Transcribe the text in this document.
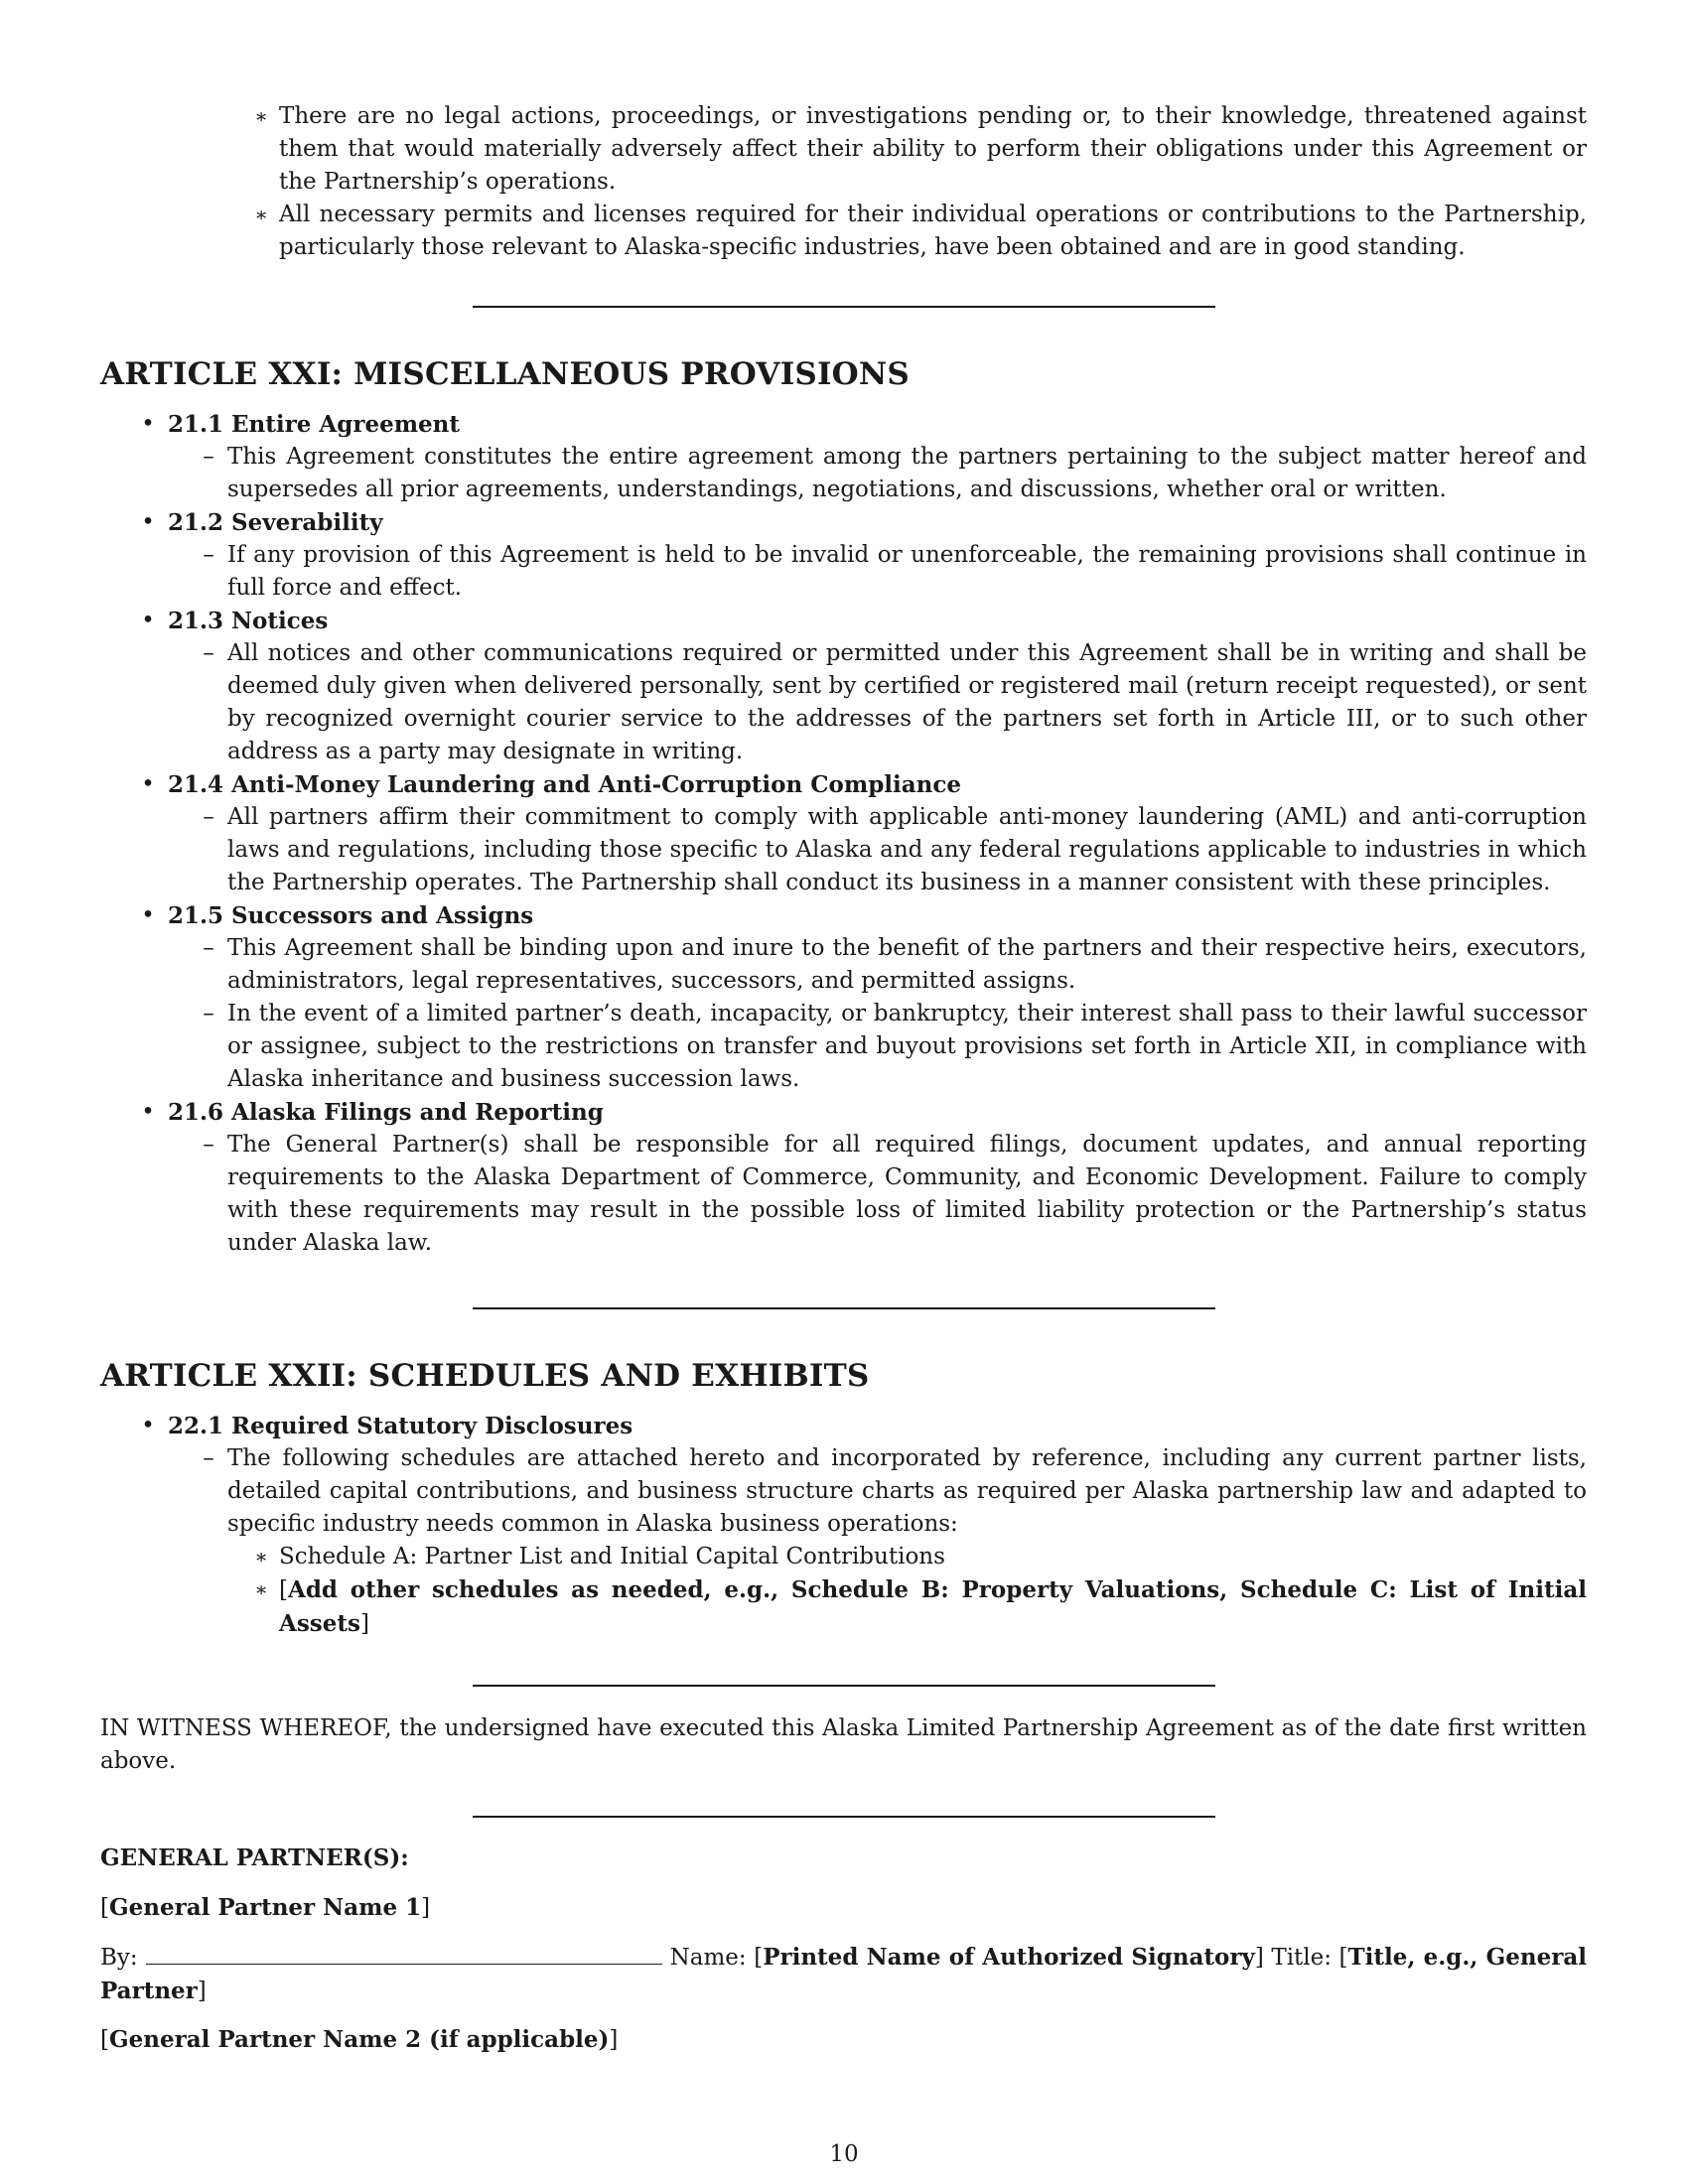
∗ There are no legal actions, proceedings, or investigations pending or, to their knowledge, threatened against them that would materially adversely affect their ability to perform their obligations under this Agreement or the Partnership’s operations.
∗ All necessary permits and licenses required for their individual operations or contributions to the Partnership, particularly those relevant to Alaska-specific industries, have been obtained and are in good standing.
ARTICLE XXI: MISCELLANEOUS PROVISIONS
• 21.1 Entire Agreement
– This Agreement constitutes the entire agreement among the partners pertaining to the subject matter hereof and supersedes all prior agreements, understandings, negotiations, and discussions, whether oral or written.
• 21.2 Severability
– If any provision of this Agreement is held to be invalid or unenforceable, the remaining provisions shall continue in full force and effect.
• 21.3 Notices
– All notices and other communications required or permitted under this Agreement shall be in writing and shall be deemed duly given when delivered personally, sent by certified or registered mail (return receipt requested), or sent by recognized overnight courier service to the addresses of the partners set forth in Article III, or to such other address as a party may designate in writing.
• 21.4 Anti-Money Laundering and Anti-Corruption Compliance
– All partners affirm their commitment to comply with applicable anti-money laundering (AML) and anti-corruption laws and regulations, including those specific to Alaska and any federal regulations applicable to industries in which the Partnership operates. The Partnership shall conduct its business in a manner consistent with these principles.
• 21.5 Successors and Assigns
– This Agreement shall be binding upon and inure to the benefit of the partners and their respective heirs, executors, administrators, legal representatives, successors, and permitted assigns.
– In the event of a limited partner’s death, incapacity, or bankruptcy, their interest shall pass to their lawful successor or assignee, subject to the restrictions on transfer and buyout provisions set forth in Article XII, in compliance with Alaska inheritance and business succession laws.
• 21.6 Alaska Filings and Reporting
– The General Partner(s) shall be responsible for all required filings, document updates, and annual reporting requirements to the Alaska Department of Commerce, Community, and Economic Development. Failure to comply with these requirements may result in the possible loss of limited liability protection or the Partnership’s status under Alaska law.
ARTICLE XXII: SCHEDULES AND EXHIBITS
• 22.1 Required Statutory Disclosures
– The following schedules are attached hereto and incorporated by reference, including any current partner lists, detailed capital contributions, and business structure charts as required per Alaska partnership law and adapted to specific industry needs common in Alaska business operations:
∗ Schedule A: Partner List and Initial Capital Contributions
∗ [Add other schedules as needed, e.g., Schedule B: Property Valuations, Schedule C: List of Initial Assets]
IN WITNESS WHEREOF, the undersigned have executed this Alaska Limited Partnership Agreement as of the date first written above.
GENERAL PARTNER(S):
[General Partner Name 1]
By:	Name: [Printed Name of Authorized Signatory] Title: [Title, e.g., General Partner]
[General Partner Name 2 (if applicable)]
10
